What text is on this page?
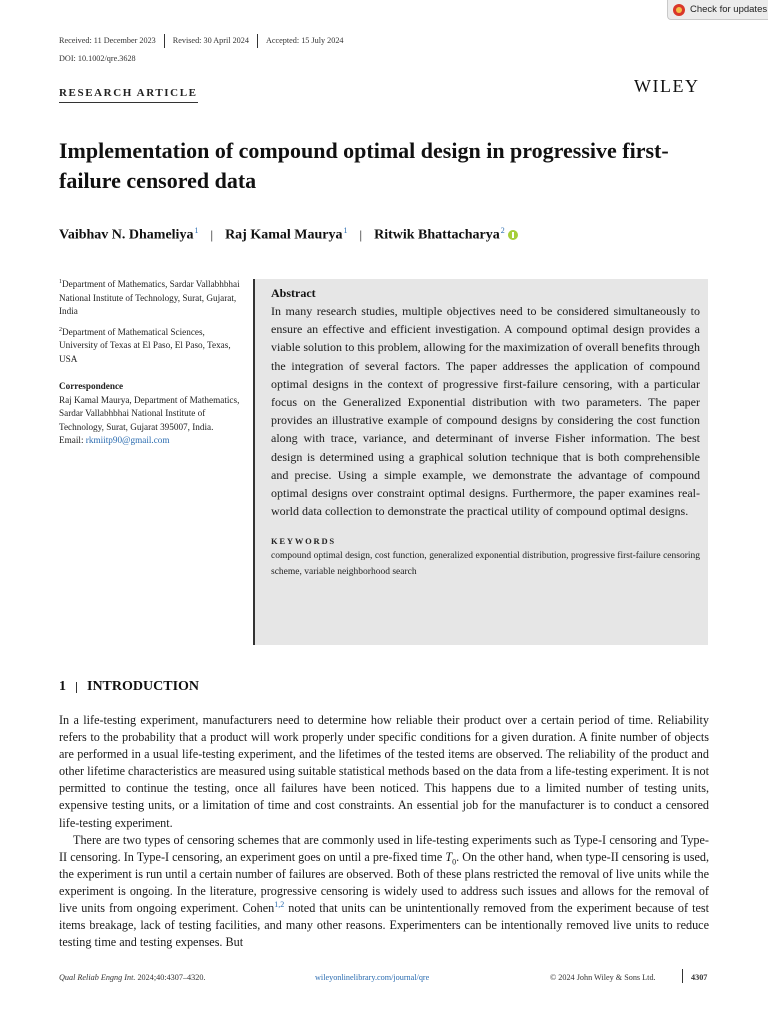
Check for updates
Received: 11 December 2023	Revised: 30 April 2024	Accepted: 15 July 2024
DOI: 10.1002/qre.3628
RESEARCH ARTICLE	WILEY
Implementation of compound optimal design in progressive first-failure censored data
Vaibhav N. Dhameliya$^1$ | Raj Kamal Maurya$^1$ | Ritwik Bhattacharya$^2$

$^1$Department of Mathematics, Sardar Vallabhbhai National Institute of Technology, Surat, Gujarat, India

$^2$Department of Mathematical Sciences, University of Texas at El Paso, El Paso, Texas, USA

Correspondence
Raj Kamal Maurya, Department of Mathematics, Sardar Vallabhbhai National Institute of Technology, Surat, Gujarat 395007, India.
Email: rkmiitp90@gmail.com
Abstract
In many research studies, multiple objectives need to be considered simultaneously to ensure an effective and efficient investigation. A compound optimal design provides a viable solution to this problem, allowing for the maximization of overall benefits through the integration of several factors. The paper addresses the application of compound optimal designs in the context of progressive first-failure censoring, with a particular focus on the Generalized Exponential distribution with two parameters. The paper provides an illustrative example of compound designs by considering the cost function along with trace, variance, and determinant of inverse Fisher information. The best design is determined using a graphical solution technique that is both comprehensible and precise. Using a simple example, we demonstrate the advantage of compound optimal designs over constraint optimal designs. Furthermore, the paper examines real-world data collection to demonstrate the practical utility of compound optimal designs.
KEYWORDS
compound optimal design, cost function, generalized exponential distribution, progressive first-failure censoring scheme, variable neighborhood search
1 INTRODUCTION

In a life-testing experiment, manufacturers need to determine how reliable their product over a certain period of time. Reliability refers to the probability that a product will work properly under specific conditions for a given duration. A finite number of objects are performed in a usual life-testing experiment, and the lifetimes of the tested items are observed. The reliability of the product and other lifetime characteristics are measured using suitable statistical methods based on the data from a life-testing experiment. It is not permitted to continue the testing, once all failures have been noticed. This happens due to a limited number of testing units, expensive testing units, or a limitation of time and cost constraints. An essential job for the manufacturer is to conduct a censored life-testing experiment.

There are two types of censoring schemes that are commonly used in life-testing experiments such as Type-I censoring and Type-II censoring. In Type-I censoring, an experiment goes on until a pre-fixed time $T_0$. On the other hand, when type-II censoring is used, the experiment is run until a certain number of failures are observed. Both of these plans restricted the removal of live units while the experiment is ongoing. In the literature, progressive censoring is widely used to address such issues and allows for the removal of live units from ongoing experiment. Cohen$^{1,2}$ noted that units can be unintentionally removed from the experiment because of test items breakage, lack of testing facilities, and many other reasons. Experimenters can be intentionally removed live units to reduce testing time and testing expenses. But

Qual Reliab Engng Int. 2024;40:4307–4320.	wileyonlinelibrary.com/journal/qre	© 2024 John Wiley & Sons Ltd.	4307
